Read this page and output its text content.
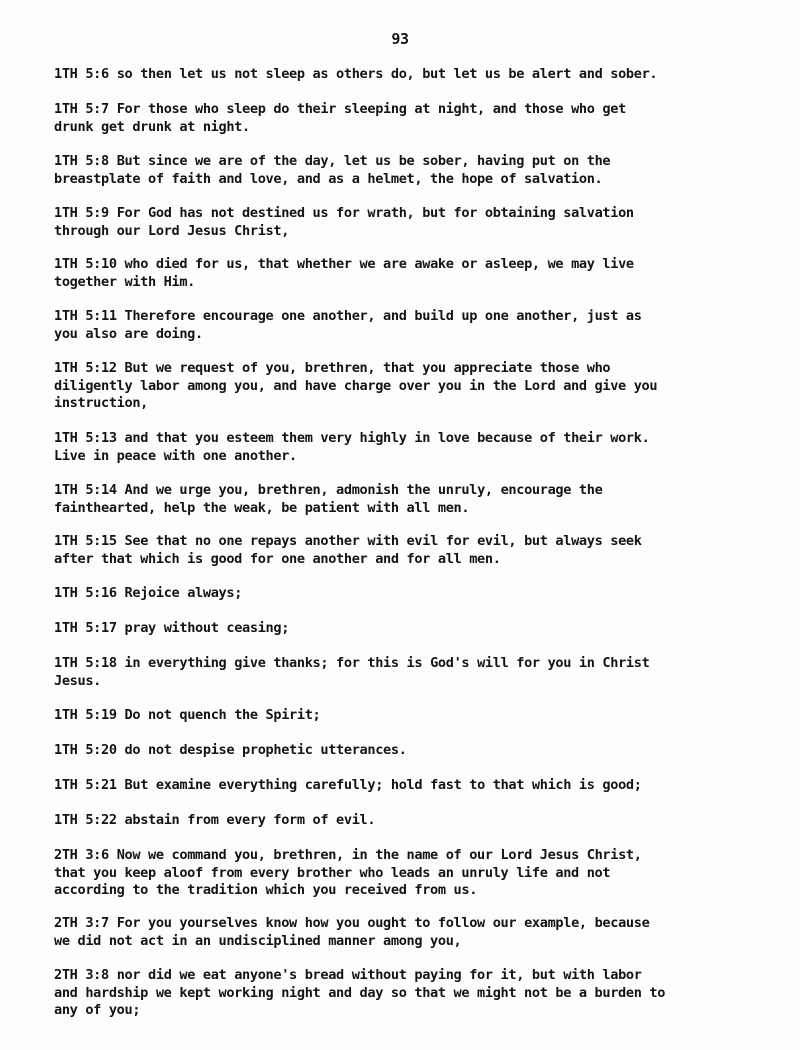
93
1TH 5:6 so then let us not sleep as others do, but let us be alert and sober.
1TH 5:7 For those who sleep do their sleeping at night, and those who get
drunk get drunk at night.
1TH 5:8 But since we are of the day, let us be sober, having put on the
breastplate of faith and love, and as a helmet, the hope of salvation.
1TH 5:9 For God has not destined us for wrath, but for obtaining salvation
through our Lord Jesus Christ,
1TH 5:10 who died for us, that whether we are awake or asleep, we may live
together with Him.
1TH 5:11 Therefore encourage one another, and build up one another, just as
you also are doing.
1TH 5:12 But we request of you, brethren, that you appreciate those who
diligently labor among you, and have charge over you in the Lord and give you
instruction,
1TH 5:13 and that you esteem them very highly in love because of their work.
Live in peace with one another.
1TH 5:14 And we urge you, brethren, admonish the unruly, encourage the
fainthearted, help the weak, be patient with all men.
1TH 5:15 See that no one repays another with evil for evil, but always seek
after that which is good for one another and for all men.
1TH 5:16 Rejoice always;
1TH 5:17 pray without ceasing;
1TH 5:18 in everything give thanks; for this is God's will for you in Christ
Jesus.
1TH 5:19 Do not quench the Spirit;
1TH 5:20 do not despise prophetic utterances.
1TH 5:21 But examine everything carefully; hold fast to that which is good;
1TH 5:22 abstain from every form of evil.
2TH 3:6 Now we command you, brethren, in the name of our Lord Jesus Christ,
that you keep aloof from every brother who leads an unruly life and not
according to the tradition which you received from us.
2TH 3:7 For you yourselves know how you ought to follow our example, because
we did not act in an undisciplined manner among you,
2TH 3:8 nor did we eat anyone's bread without paying for it, but with labor
and hardship we kept working night and day so that we might not be a burden to
any of you;
